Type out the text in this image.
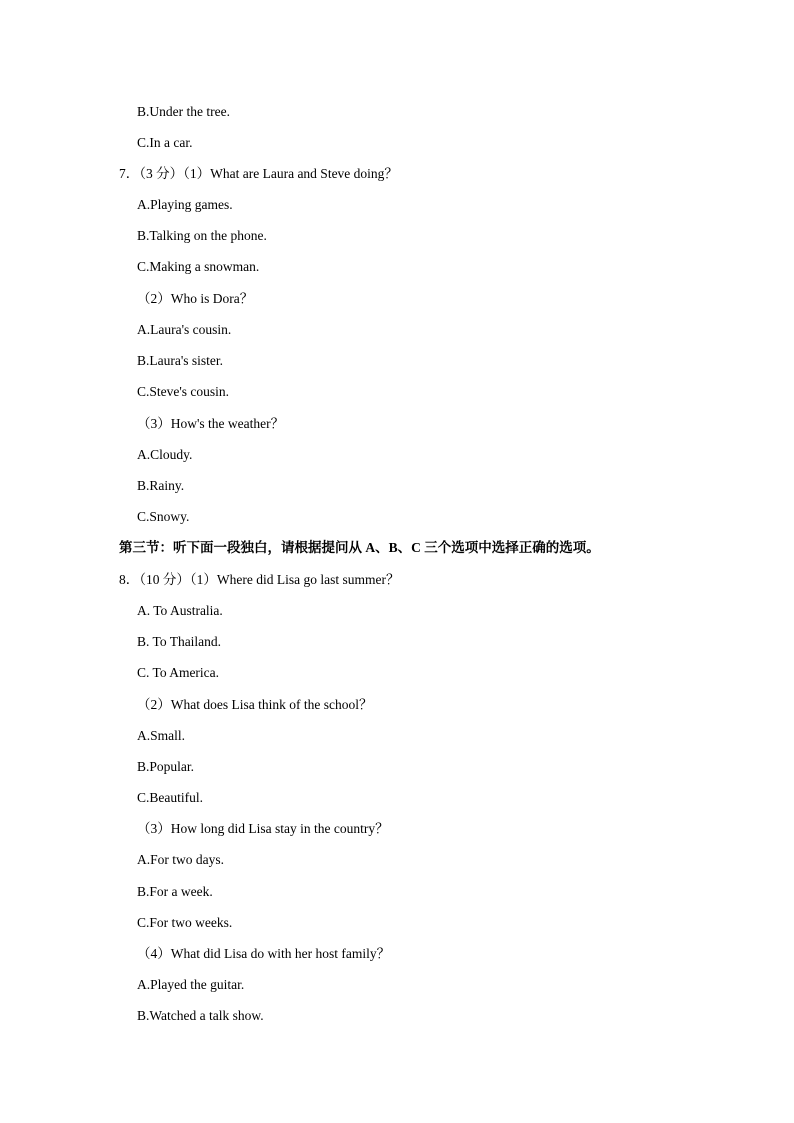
B.Under the tree.
C.In a car.
7．（3 分）（1）What are Laura and Steve doing？
A.Playing games.
B.Talking on the phone.
C.Making a snowman.
（2）Who is Dora？
A.Laura's cousin.
B.Laura's sister.
C.Steve's cousin.
（3）How's the weather？
A.Cloudy.
B.Rainy.
C.Snowy.
第三节：听下面一段独白，请根据提问从 A、B、C 三个选项中选择正确的选项。
8．（10 分）（1）Where did Lisa go last summer？
A. To Australia.
B. To Thailand.
C. To America.
（2）What does Lisa think of the school？
A.Small.
B.Popular.
C.Beautiful.
（3）How long did Lisa stay in the country？
A.For two days.
B.For a week.
C.For two weeks.
（4）What did Lisa do with her host family？
A.Played the guitar.
B.Watched a talk show.
